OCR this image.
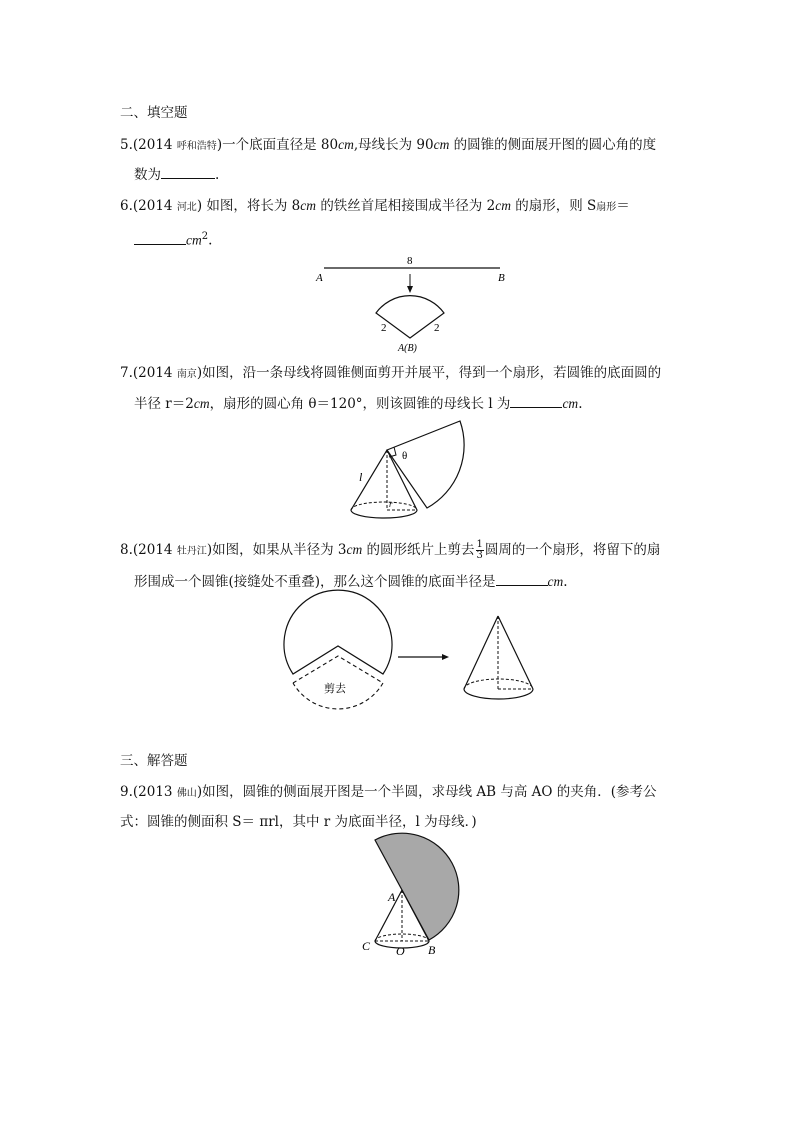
二、填空题
5.(2014 呼和浩特)一个底面直径是 80cm,母线长为 90cm 的圆锥的侧面展开图的圆心角的度
数为	.
6.(2014 河北) 如图，将长为 8cm 的铁丝首尾相接围成半径为 2cm 的扇形，则 S扇形＝
$cm^2$.
8
A	B
2	2
A(B)
7.(2014 南京)如图，沿一条母线将圆锥侧面剪开并展平，得到一个扇形，若圆锥的底面圆的
半径 r＝2cm，扇形的圆心角 θ＝120°，则该圆锥的母线长 l 为	cm.
θ
l
r
8.(2014 牡丹江)如图，如果从半径为 3cm 的圆形纸片上剪去 $\frac{1}{3}$ 圆周的一个扇形，将留下的扇
形围成一个圆锥(接缝处不重叠)，那么这个圆锥的底面半径是	cm.
剪去
三、解答题
9.(2013 佛山)如图，圆锥的侧面展开图是一个半圆，求母线 AB 与高 AO 的夹角．(参考公
式：圆锥的侧面积 S＝ πrl，其中 r 为底面半径，l 为母线．)
A
C O B
